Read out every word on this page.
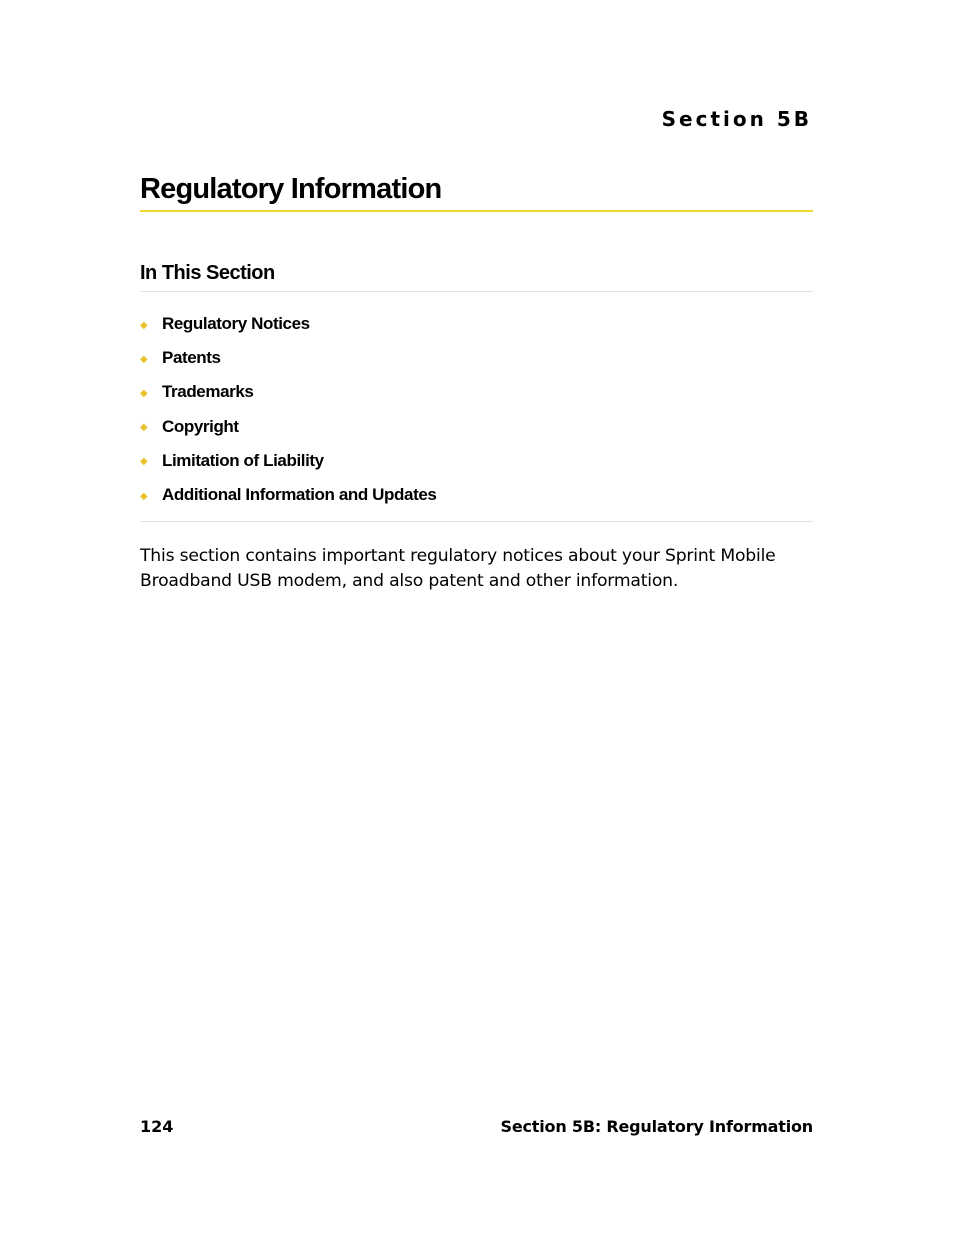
Section 5B
Regulatory Information
In This Section
◆ Regulatory Notices
◆ Patents
◆ Trademarks
◆ Copyright
◆ Limitation of Liability
◆ Additional Information and Updates

This section contains important regulatory notices about your Sprint Mobile Broadband USB modem, and also patent and other information.

124	Section 5B: Regulatory Information
